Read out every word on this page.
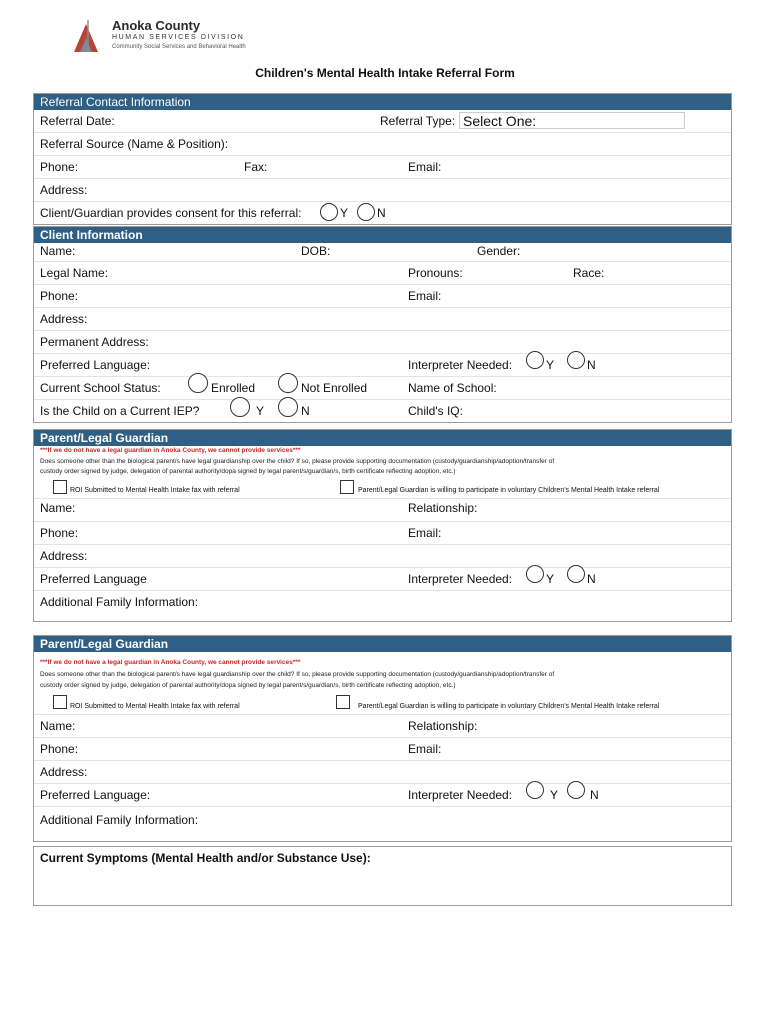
Anoka County
HUMAN SERVICES DIVISION
Community Social Services and Behavioral Health
Children's Mental Health Intake Referral Form
Referral Contact Information
Referral Date:	Referral Type: Select One:
Referral Source (Name & Position):
Phone:	Fax:	Email:
Address:
Client/Guardian provides consent for this referral:	Y N
Client Information
Name:	DOB:	Gender:
Legal Name:	Pronouns:	Race:
Phone:	Email:
Address:
Permanent Address:
Preferred Language:	Interpreter Needed:	Y	N
Current School Status:	Enrolled	Not Enrolled	Name of School:
Is the Child on a Current IEP?	Y	N	Child's IQ:
Parent/Legal Guardian
***If we do not have a legal guardian in Anoka County, we cannot provide services***
Does someone other than the biological parent/s have legal guardianship over the child? If so, please provide supporting documentation (custody/guardianship/adoption/transfer of
custody order signed by judge, delegation of parental authority/dopa signed by legal parent/s/guardian/s, birth certificate reflecting adoption, etc.)
ROI Submitted to Mental Health Intake fax with referral	Parent/Legal Guardian is willing to participate in voluntary Children's Mental Health Intake referral
Name:	Relationship:
Phone:	Email:
Address:
Preferred Language	Interpreter Needed:	Y	N
Additional Family Information:
Parent/Legal Guardian
***If we do not have a legal guardian in Anoka County, we cannot provide services***
Does someone other than the biological parent/s have legal guardianship over the child? If so, please provide supporting documentation (custody/guardianship/adoption/transfer of
custody order signed by judge, delegation of parental authority/dopa signed by legal parent/s/guardian/s, birth certificate reflecting adoption, etc.)
ROI Submitted to Mental Health Intake fax with referral	Parent/Legal Guardian is willing to participate in voluntary Children's Mental Health Intake referral
Name:	Relationship:
Phone:	Email:
Address:
Preferred Language:	Interpreter Needed:	Y	N
Additional Family Information:
Current Symptoms (Mental Health and/or Substance Use):
